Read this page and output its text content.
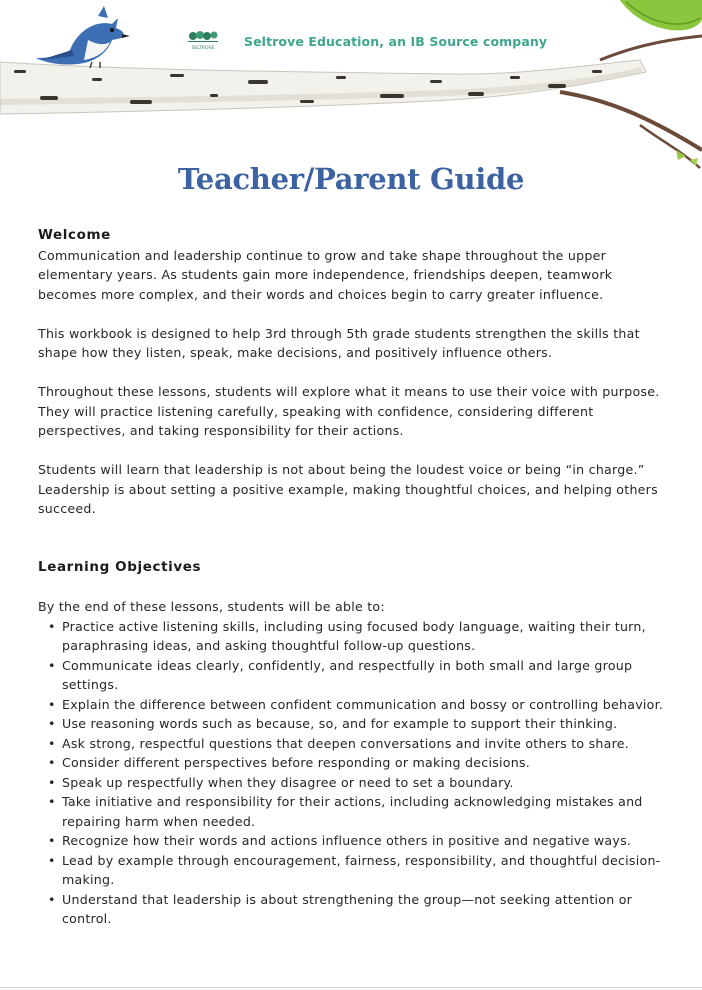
SELTROVE Seltrove Education, an IB Source company
Teacher/Parent Guide
Welcome

Communication and leadership continue to grow and take shape throughout the upper elementary years. As students gain more independence, friendships deepen, teamwork becomes more complex, and their words and choices begin to carry greater influence.

This workbook is designed to help 3rd through 5th grade students strengthen the skills that shape how they listen, speak, make decisions, and positively influence others.

Throughout these lessons, students will explore what it means to use their voice with purpose. They will practice listening carefully, speaking with confidence, considering different perspectives, and taking responsibility for their actions.

Students will learn that leadership is not about being the loudest voice or being “in charge.” Leadership is about setting a positive example, making thoughtful choices, and helping others succeed.

Learning Objectives

By the end of these lessons, students will be able to:

• Practice active listening skills, including using focused body language, waiting their turn, paraphrasing ideas, and asking thoughtful follow-up questions.
• Communicate ideas clearly, confidently, and respectfully in both small and large group settings.
• Explain the difference between confident communication and bossy or controlling behavior.
• Use reasoning words such as because, so, and for example to support their thinking.
• Ask strong, respectful questions that deepen conversations and invite others to share.
• Consider different perspectives before responding or making decisions.
• Speak up respectfully when they disagree or need to set a boundary.
• Take initiative and responsibility for their actions, including acknowledging mistakes and repairing harm when needed.
• Recognize how their words and actions influence others in positive and negative ways.
• Lead by example through encouragement, fairness, responsibility, and thoughtful decision-making.
• Understand that leadership is about strengthening the group—not seeking attention or control.
